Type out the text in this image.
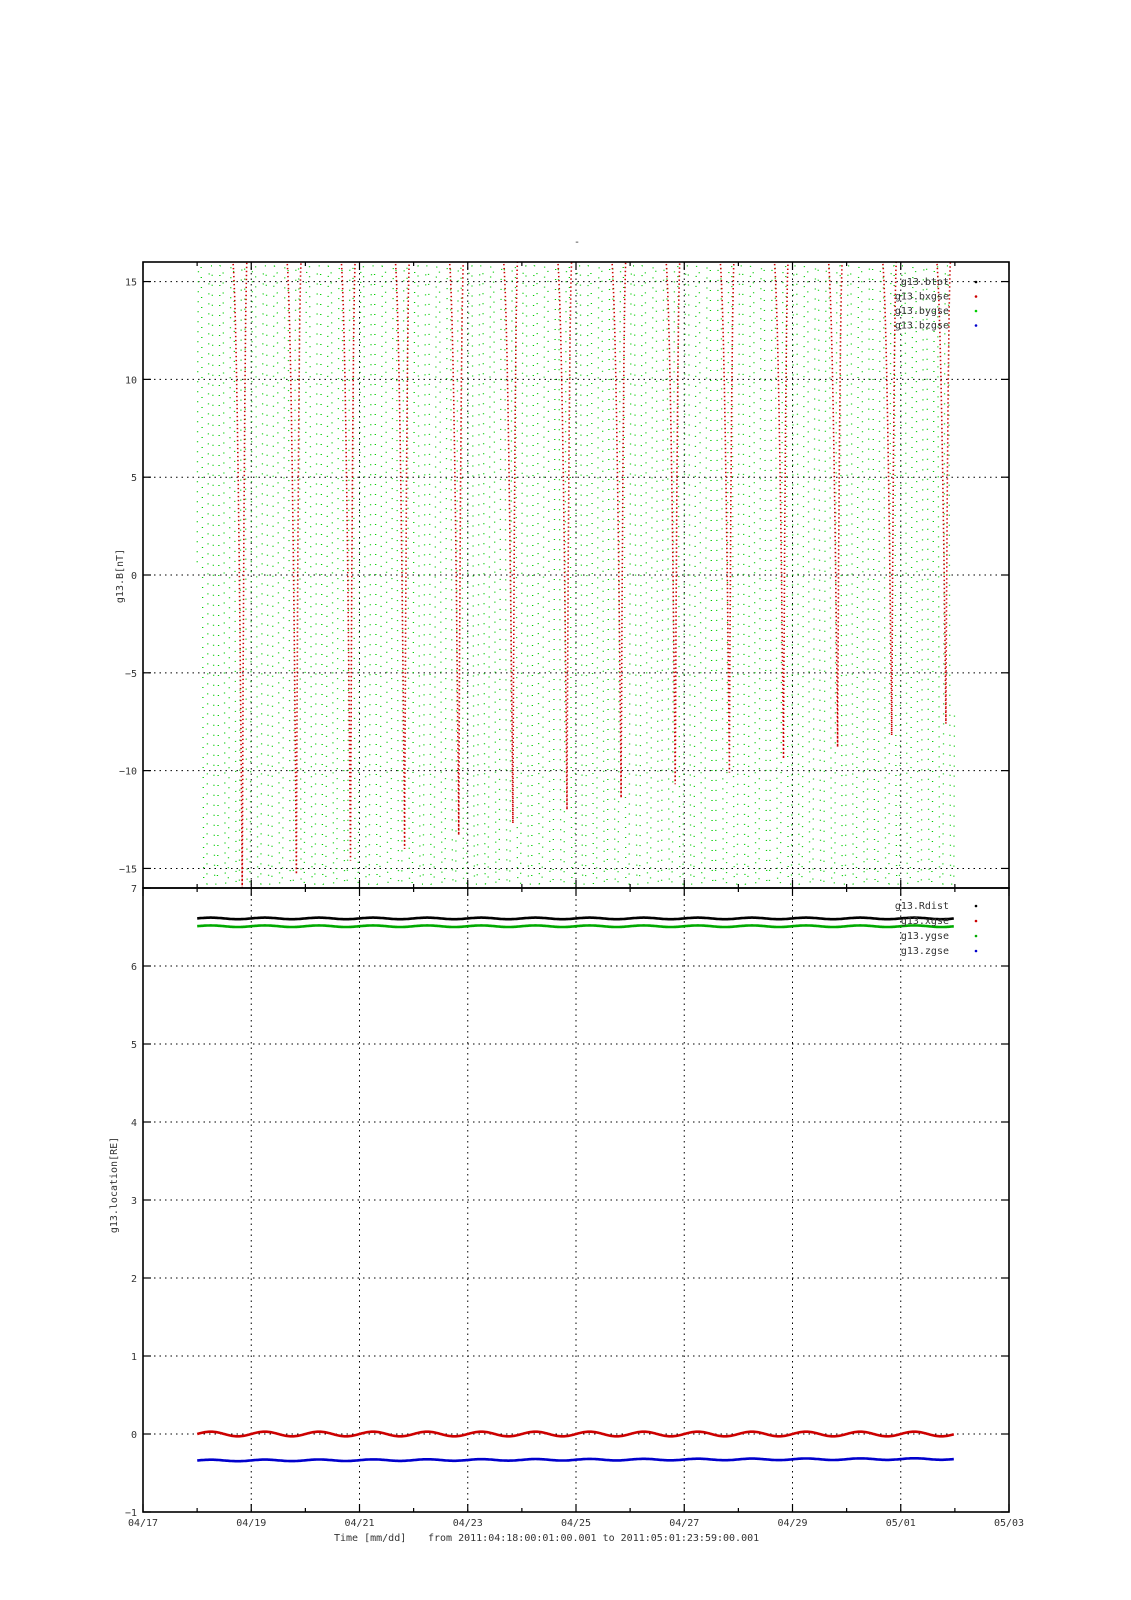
-
04/17	04/19	04/21	04/23	04/25	04/27	04/29	05/01	05/03
15
10
5
0
−5
−10
−15
7
6
5
4
3
2
1
0
−1
g13.btot
g13.bxgse
g13.bygse
g13.bzgse
g13.Rdist
g13.xgse
g13.ygse
g13.zgse
g13.B[nT]
g13.location[RE]
Time [mm/dd] from 2011:04:18:00:01:00.001 to 2011:05:01:23:59:00.001
